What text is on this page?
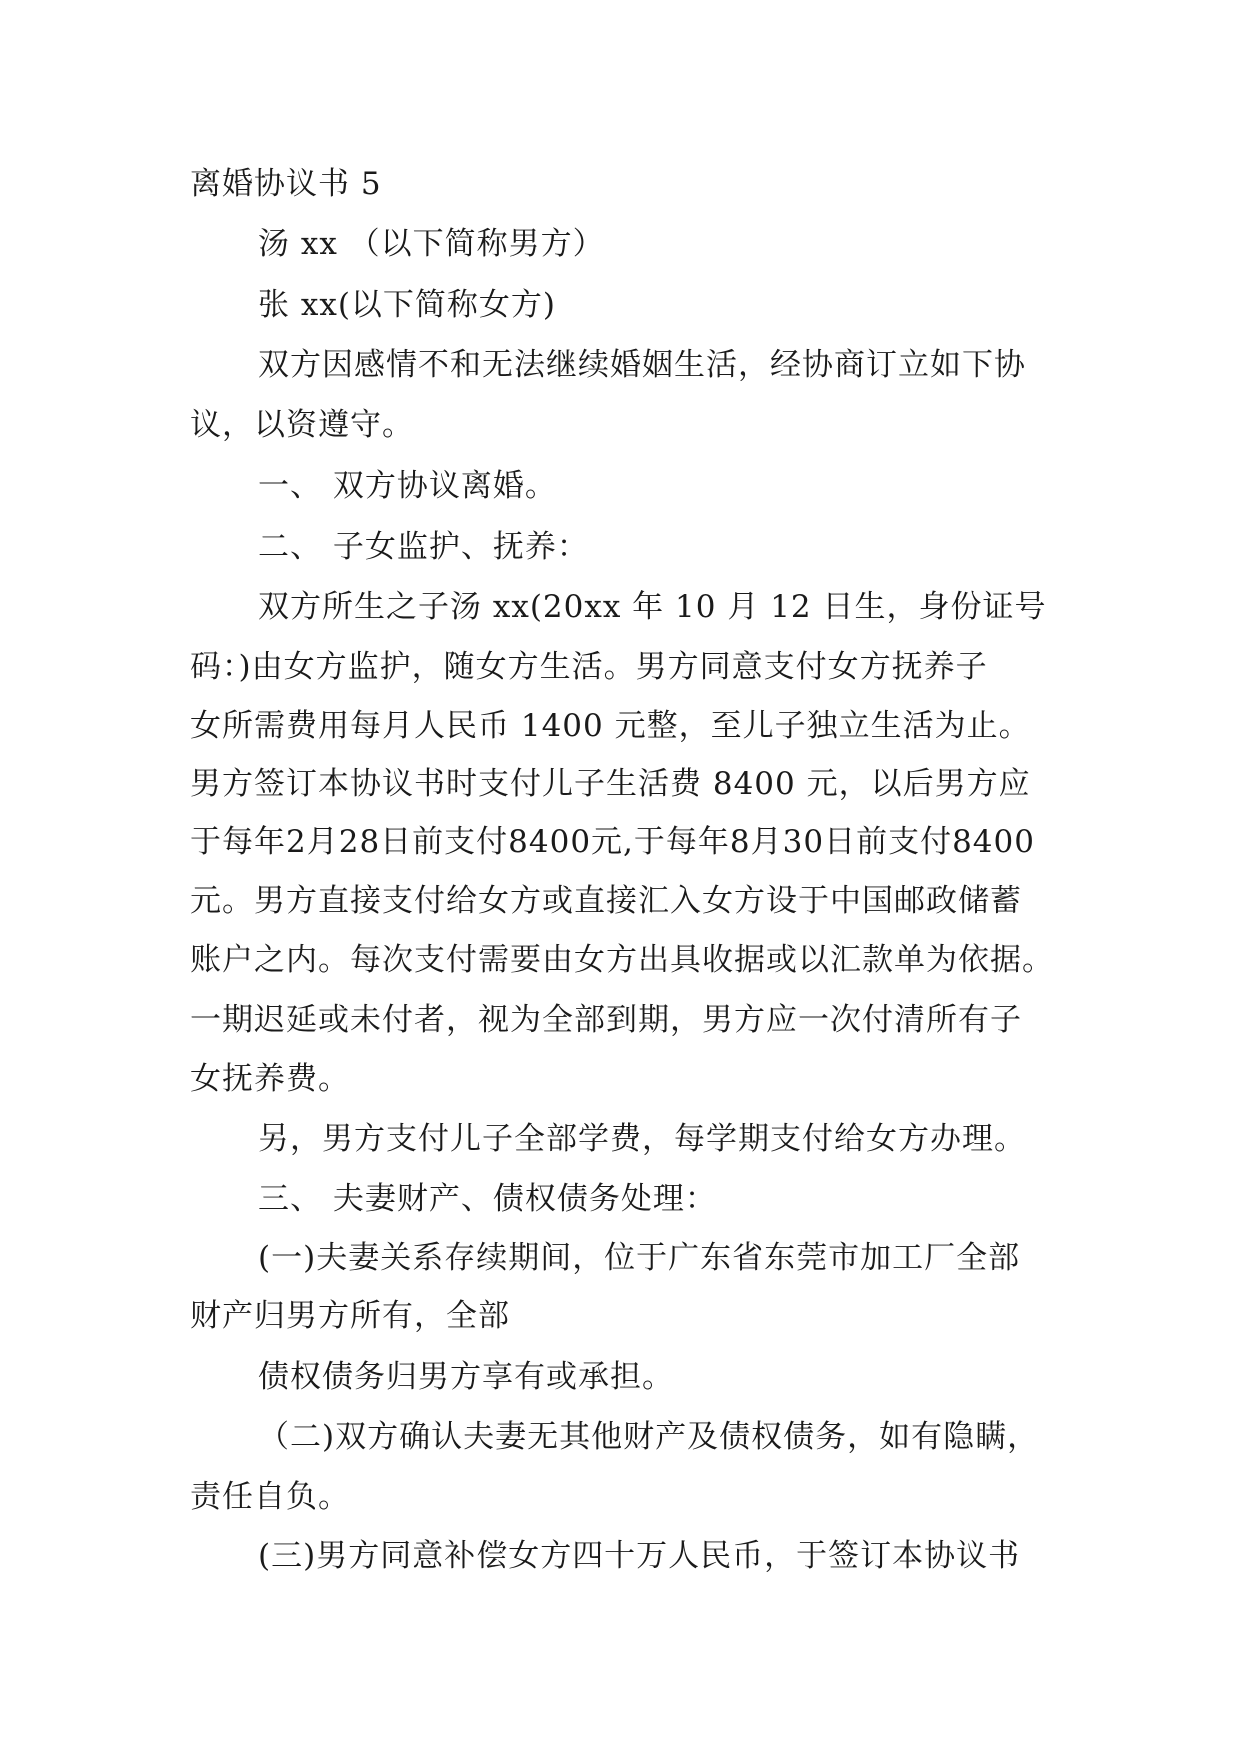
离婚协议书 5
汤 xx （以下简称男方）
张 xx(以下简称女方)
双方因感情不和无法继续婚姻生活，经协商订立如下协
议，以资遵守。
一、 双方协议离婚。
二、 子女监护、抚养：
双方所生之子汤 xx(20xx 年 10 月 12 日生，身份证号
码：)由女方监护，随女方生活。男方同意支付女方抚养子
女所需费用每月人民币 1400 元整，至儿子独立生活为止。
男方签订本协议书时支付儿子生活费 8400 元，以后男方应
于每年2月28日前支付8400元,于每年8月30日前支付8400
元。男方直接支付给女方或直接汇入女方设于中国邮政储蓄
账户之内。每次支付需要由女方出具收据或以汇款单为依据。
一期迟延或未付者，视为全部到期，男方应一次付清所有子
女抚养费。
另，男方支付儿子全部学费，每学期支付给女方办理。
三、 夫妻财产、债权债务处理：
(一)夫妻关系存续期间，位于广东省东莞市加工厂全部
财产归男方所有，全部
债权债务归男方享有或承担。
（二)双方确认夫妻无其他财产及债权债务，如有隐瞒，
责任自负。
(三)男方同意补偿女方四十万人民币，于签订本协议书
